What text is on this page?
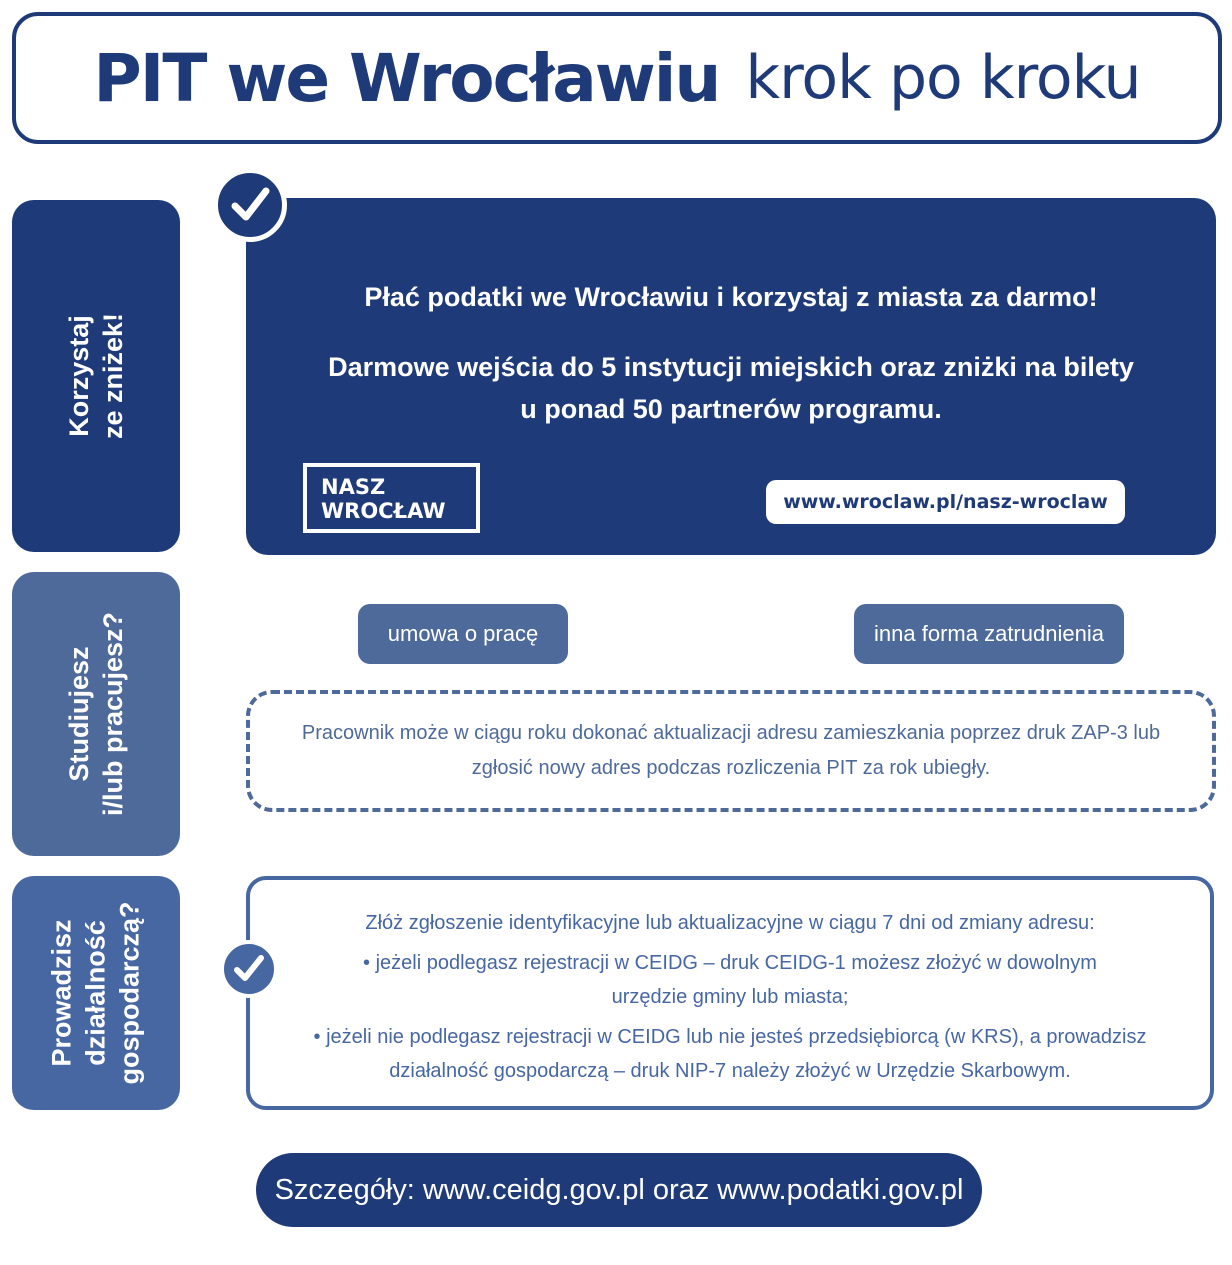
PIT we Wrocławiu krok po kroku
Korzystaj ze zniżek!
Studiujesz i/lub pracujesz?
Prowadzisz działalność gospodarczą?
Płać podatki we Wrocławiu i korzystaj z miasta za darmo!
Darmowe wejścia do 5 instytucji miejskich oraz zniżki na bilety
u ponad 50 partnerów programu.
NASZ
WROCŁAW	www.wroclaw.pl/nasz-wroclaw
umowa o pracę	inna forma zatrudnienia
Pracownik może w ciągu roku dokonać aktualizacji adresu zamieszkania poprzez druk ZAP-3 lub
zgłosić nowy adres podczas rozliczenia PIT za rok ubiegły.
Złóż zgłoszenie identyfikacyjne lub aktualizacyjne w ciągu 7 dni od zmiany adresu:
• jeżeli podlegasz rejestracji w CEIDG – druk CEIDG-1 możesz złożyć w dowolnym
urzędzie gminy lub miasta;
• jeżeli nie podlegasz rejestracji w CEIDG lub nie jesteś przedsiębiorcą (w KRS), a prowadzisz
działalność gospodarczą – druk NIP-7 należy złożyć w Urzędzie Skarbowym.
Szczegóły: www.ceidg.gov.pl oraz www.podatki.gov.pl
